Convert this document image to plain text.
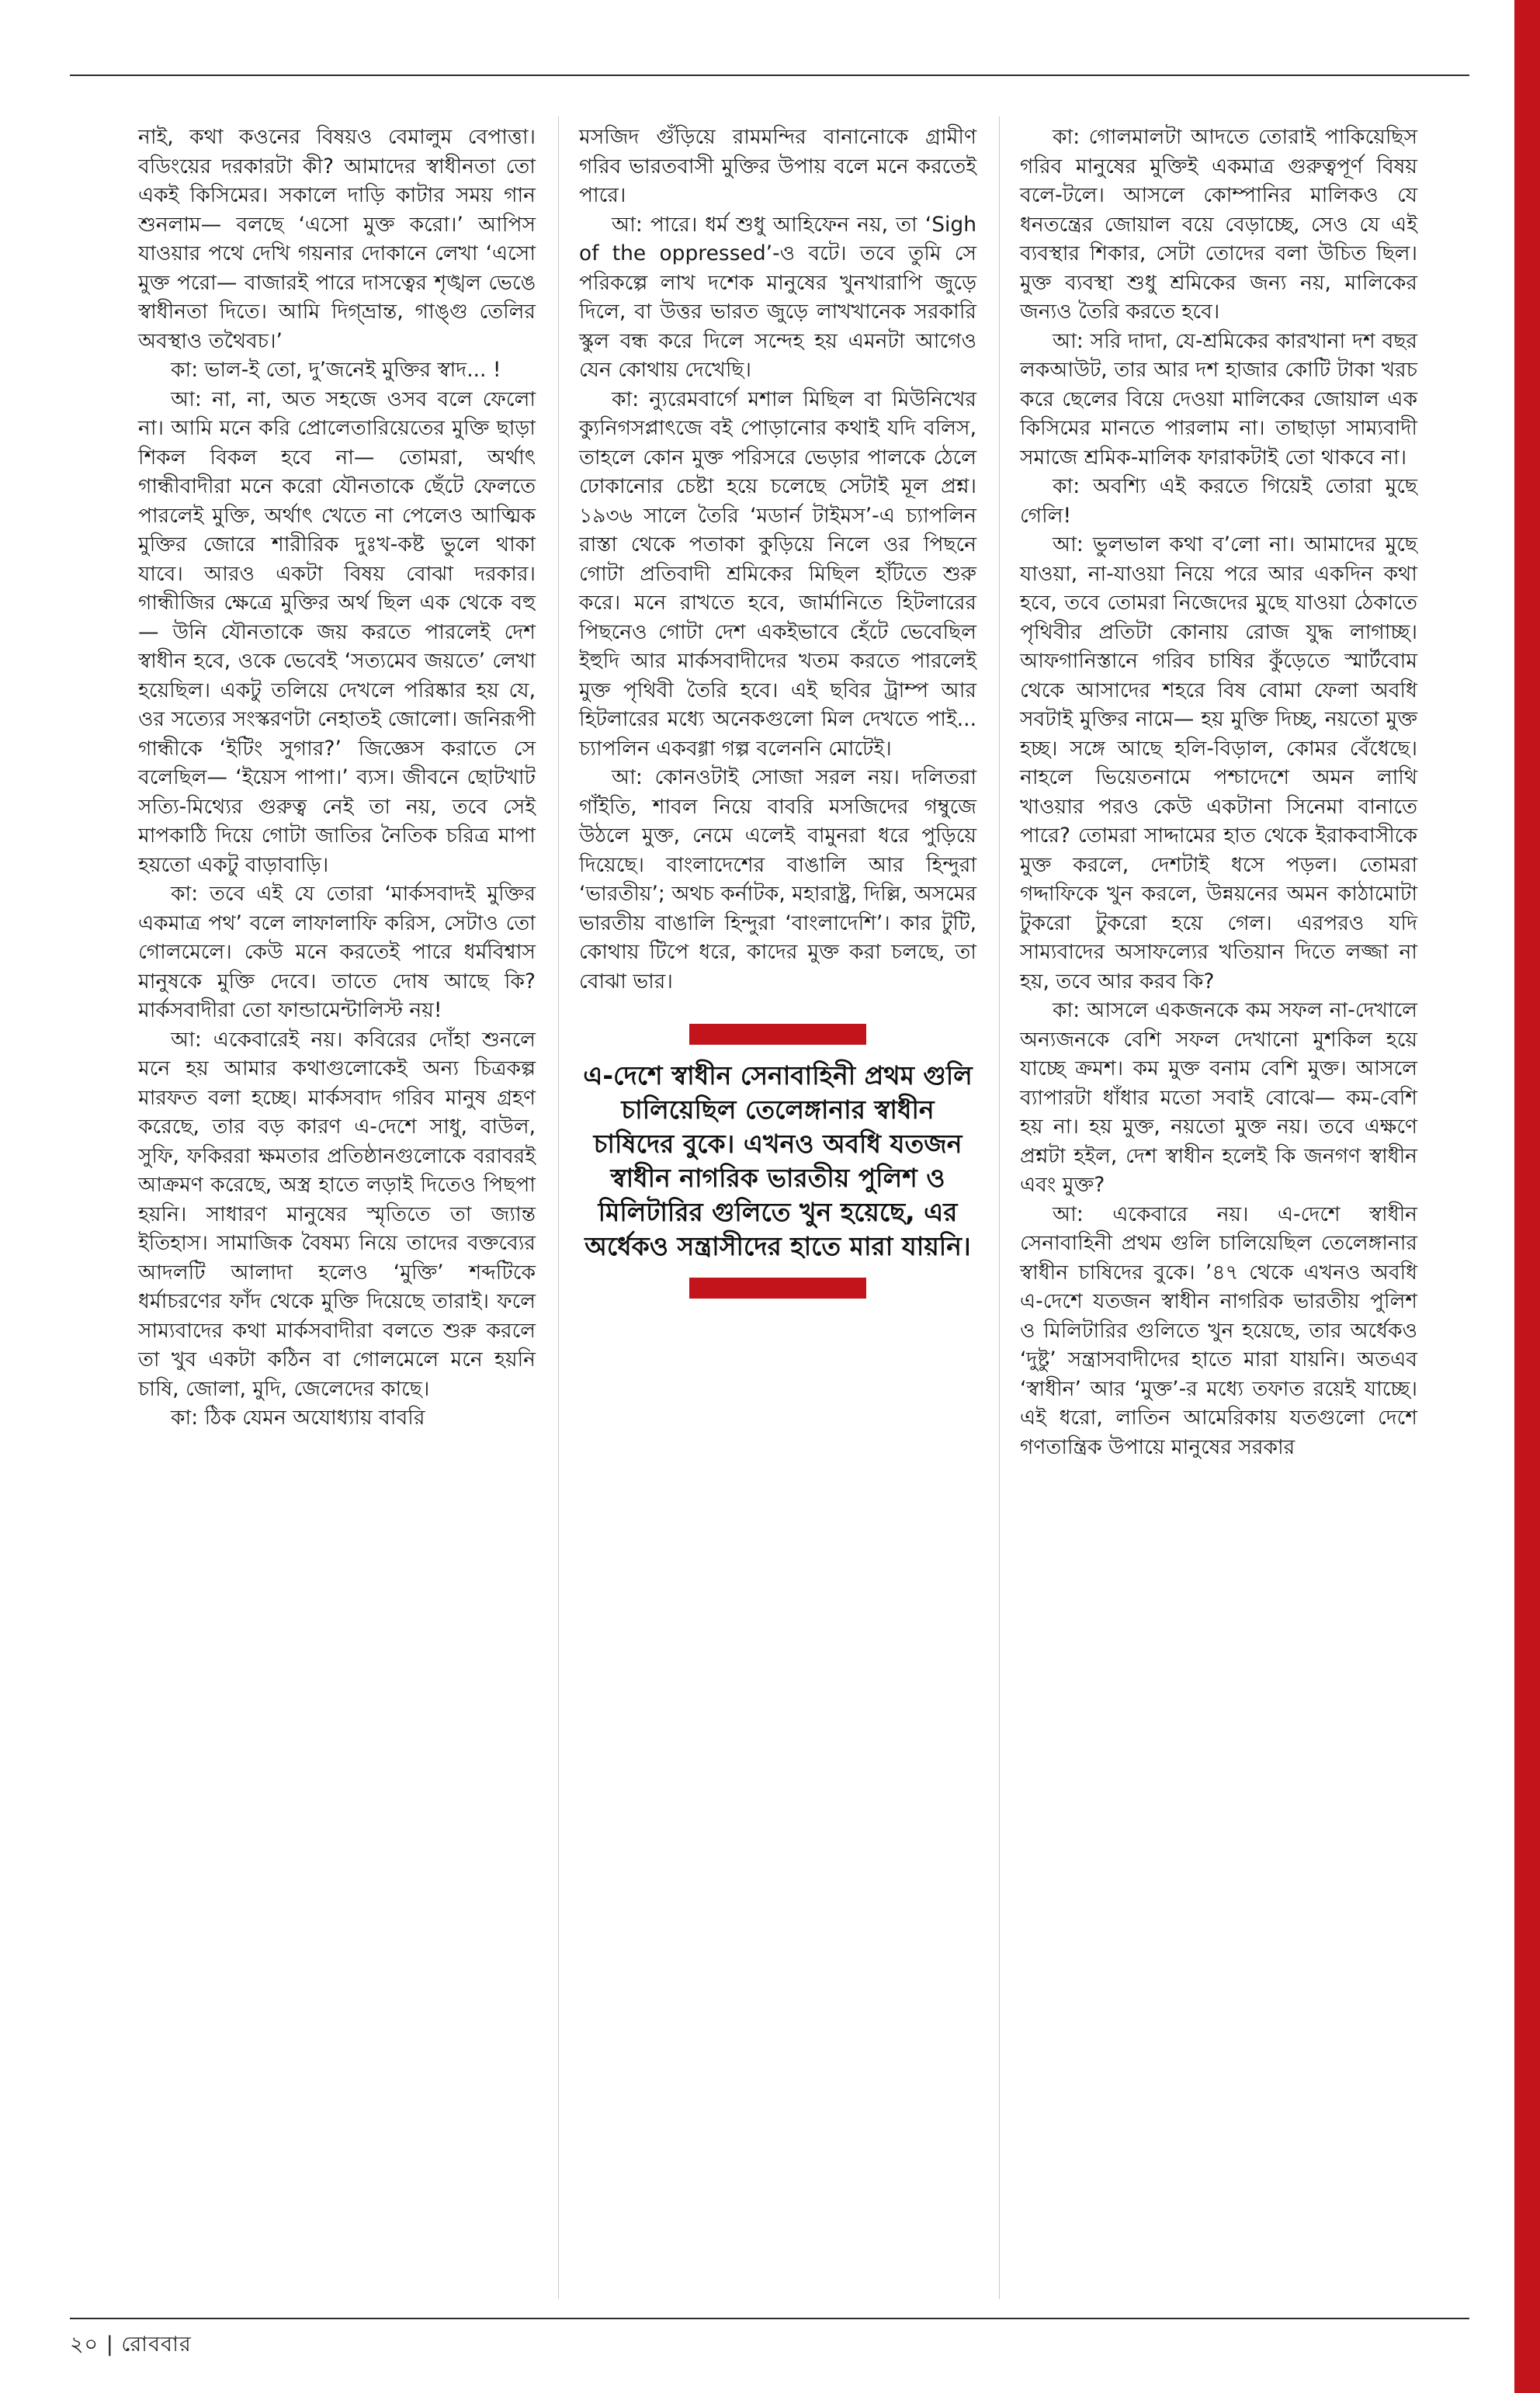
নাই, কথা কওনের বিষয়ও বেমালুম বেপাত্তা। বডিংয়ের দরকারটা কী? আমাদের স্বাধীনতা তো একই কিসিমের। সকালে দাড়ি কাটার সময় গান শুনলাম— বলছে ‘এসো মুক্ত করো।’ আপিস যাওয়ার পথে দেখি গয়নার দোকানে লেখা ‘এসো মুক্ত পরো— বাজারই পারে দাসত্বের শৃঙ্খল ভেঙে স্বাধীনতা দিতে। আমি দিগ্‌ভ্রান্ত, গাঙ্গু তেলির অবস্থাও তথৈবচ।’

কা: ভাল-ই তো, দু’জনেই মুক্তির স্বাদ... !

আ: না, না, অত সহজে ওসব বলে ফেলো না। আমি মনে করি প্রোলেতারিয়েতের মুক্তি ছাড়া শিকল বিকল হবে না— তোমরা, অর্থাৎ গান্ধীবাদীরা মনে করো যৌনতাকে ছেঁটে ফেলতে পারলেই মুক্তি, অর্থাৎ খেতে না পেলেও আত্মিক মুক্তির জোরে শারীরিক দুঃখ-কষ্ট ভুলে থাকা যাবে। আরও একটা বিষয় বোঝা দরকার। গান্ধীজির ক্ষেত্রে মুক্তির অর্থ ছিল এক থেকে বহু— উনি যৌনতাকে জয় করতে পারলেই দেশ স্বাধীন হবে, ওকে ভেবেই ‘সত্যমেব জয়তে’ লেখা হয়েছিল। একটু তলিয়ে দেখলে পরিষ্কার হয় যে, ওর সত্যের সংস্করণটা নেহাতই জোলো। জনিরূপী গান্ধীকে ‘ইটিং সুগার?’ জিজ্ঞেস করাতে সে বলেছিল— ‘ইয়েস পাপা।’ ব্যস। জীবনে ছোটখাট সত্যি-মিথ্যের গুরুত্ব নেই তা নয়, তবে সেই মাপকাঠি দিয়ে গোটা জাতির নৈতিক চরিত্র মাপা হয়তো একটু বাড়াবাড়ি।

কা: তবে এই যে তোরা ‘মার্কসবাদই মুক্তির একমাত্র পথ’ বলে লাফালাফি করিস, সেটাও তো গোলমেলে। কেউ মনে করতেই পারে ধর্মবিশ্বাস মানুষকে মুক্তি দেবে। তাতে দোষ আছে কি? মার্কসবাদীরা তো ফান্ডামেন্টালিস্ট নয়!

আ: একেবারেই নয়। কবিরের দোঁহা শুনলে মনে হয় আমার কথাগুলোকেই অন্য চিত্রকল্প মারফত বলা হচ্ছে। মার্কসবাদ গরিব মানুষ গ্রহণ করেছে, তার বড় কারণ এ-দেশে সাধু, বাউল, সুফি, ফকিররা ক্ষমতার প্রতিষ্ঠানগুলোকে বরাবরই আক্রমণ করেছে, অস্ত্র হাতে লড়াই দিতেও পিছপা হয়নি। সাধারণ মানুষের স্মৃতিতে তা জ্যান্ত ইতিহাস। সামাজিক বৈষম্য নিয়ে তাদের বক্তব্যের আদলটি আলাদা হলেও ‘মুক্তি’ শব্দটিকে ধর্মাচরণের ফাঁদ থেকে মুক্তি দিয়েছে তারাই। ফলে সাম্যবাদের কথা মার্কসবাদীরা বলতে শুরু করলে তা খুব একটা কঠিন বা গোলমেলে মনে হয়নি চাষি, জোলা, মুদি, জেলেদের কাছে।

কা: ঠিক যেমন অযোধ্যায় বাবরি

মসজিদ গুঁড়িয়ে রামমন্দির বানানোকে গ্রামীণ গরিব ভারতবাসী মুক্তির উপায় বলে মনে করতেই পারে।

আ: পারে। ধর্ম শুধু আহিফেন নয়, তা ‘Sigh of the oppressed’-ও বটে। তবে তুমি সে পরিকল্পে লাখ দশেক মানুষের খুনখারাপি জুড়ে দিলে, বা উত্তর ভারত জুড়ে লাখখানেক সরকারি স্কুল বন্ধ করে দিলে সন্দেহ হয় এমনটা আগেও যেন কোথায় দেখেছি।

কা: ন্যুরেমবার্গে মশাল মিছিল বা মিউনিখের ক্যুনিগসপ্লাৎজে বই পোড়ানোর কথাই যদি বলিস, তাহলে কোন মুক্ত পরিসরে ভেড়ার পালকে ঠেলে ঢোকানোর চেষ্টা হয়ে চলেছে সেটাই মূল প্রশ্ন। ১৯৩৬ সালে তৈরি ‘মডার্ন টাইমস’-এ চ্যাপলিন রাস্তা থেকে পতাকা কুড়িয়ে নিলে ওর পিছনে গোটা প্রতিবাদী শ্রমিকের মিছিল হাঁটতে শুরু করে। মনে রাখতে হবে, জার্মানিতে হিটলারের পিছনেও গোটা দেশ একইভাবে হেঁটে ভেবেছিল ইহুদি আর মার্কসবাদীদের খতম করতে পারলেই মুক্ত পৃথিবী তৈরি হবে। এই ছবির ট্রাম্প আর হিটলারের মধ্যে অনেকগুলো মিল দেখতে পাই... চ্যাপলিন একবগ্গা গল্প বলেননি মোটেই।

আ: কোনওটাই সোজা সরল নয়। দলিতরা গাঁইতি, শাবল নিয়ে বাবরি মসজিদের গম্বুজে উঠলে মুক্ত, নেমে এলেই বামুনরা ধরে পুড়িয়ে দিয়েছে। বাংলাদেশের বাঙালি আর হিন্দুরা ‘ভারতীয়’; অথচ কর্নাটক, মহারাষ্ট্র, দিল্লি, অসমের ভারতীয় বাঙালি হিন্দুরা ‘বাংলাদেশি’। কার টুটি, কোথায় টিপে ধরে, কাদের মুক্ত করা চলছে, তা বোঝা ভার।

এ-দেশে স্বাধীন সেনাবাহিনী প্রথম গুলি চালিয়েছিল তেলেঙ্গানার স্বাধীন চাষিদের বুকে। এখনও অবধি যতজন স্বাধীন নাগরিক ভারতীয় পুলিশ ও মিলিটারির গুলিতে খুন হয়েছে, এর অর্ধেকও সন্ত্রাসীদের হাতে মারা যায়নি।

কা: গোলমালটা আদতে তোরাই পাকিয়েছিস গরিব মানুষের মুক্তিই একমাত্র গুরুত্বপূর্ণ বিষয় বলে-টলে। আসলে কোম্পানির মালিকও যে ধনতন্ত্রের জোয়াল বয়ে বেড়াচ্ছে, সেও যে এই ব্যবস্থার শিকার, সেটা তোদের বলা উচিত ছিল। মুক্ত ব্যবস্থা শুধু শ্রমিকের জন্য নয়, মালিকের জন্যও তৈরি করতে হবে।

আ: সরি দাদা, যে-শ্রমিকের কারখানা দশ বছর লকআউট, তার আর দশ হাজার কোটি টাকা খরচ করে ছেলের বিয়ে দেওয়া মালিকের জোয়াল এক কিসিমের মানতে পারলাম না। তাছাড়া সাম্যবাদী সমাজে শ্রমিক-মালিক ফারাকটাই তো থাকবে না।

কা: অবশ্যি এই করতে গিয়েই তোরা মুছে গেলি!

আ: ভুলভাল কথা ব’লো না। আমাদের মুছে যাওয়া, না-যাওয়া নিয়ে পরে আর একদিন কথা হবে, তবে তোমরা নিজেদের মুছে যাওয়া ঠেকাতে পৃথিবীর প্রতিটা কোনায় রোজ যুদ্ধ লাগাচ্ছ। আফগানিস্তানে গরিব চাষির কুঁড়েতে স্মার্টবোম থেকে আসাদের শহরে বিষ বোমা ফেলা অবধি সবটাই মুক্তির নামে— হয় মুক্তি দিচ্ছ, নয়তো মুক্ত হচ্ছ। সঙ্গে আছে হলি-বিড়াল, কোমর বেঁধেছে। নাহলে ভিয়েতনামে পশ্চাদেশে অমন লাথি খাওয়ার পরও কেউ একটানা সিনেমা বানাতে পারে? তোমরা সাদ্দামের হাত থেকে ইরাকবাসীকে মুক্ত করলে, দেশটাই ধসে পড়ল। তোমরা গদ্দাফিকে খুন করলে, উন্নয়নের অমন কাঠামোটা টুকরো টুকরো হয়ে গেল। এরপরও যদি সাম্যবাদের অসাফল্যের খতিয়ান দিতে লজ্জা না হয়, তবে আর করব কি?

কা: আসলে একজনকে কম সফল না-দেখালে অন্যজনকে বেশি সফল দেখানো মুশকিল হয়ে যাচ্ছে ক্রমশ। কম মুক্ত বনাম বেশি মুক্ত। আসলে ব্যাপারটা ধাঁধার মতো সবাই বোঝে— কম-বেশি হয় না। হয় মুক্ত, নয়তো মুক্ত নয়। তবে এক্ষণে প্রশ্নটা হইল, দেশ স্বাধীন হলেই কি জনগণ স্বাধীন এবং মুক্ত?

আ: একেবারে নয়। এ-দেশে স্বাধীন সেনাবাহিনী প্রথম গুলি চালিয়েছিল তেলেঙ্গানার স্বাধীন চাষিদের বুকে। ’৪৭ থেকে এখনও অবধি এ-দেশে যতজন স্বাধীন নাগরিক ভারতীয় পুলিশ ও মিলিটারির গুলিতে খুন হয়েছে, তার অর্ধেকও ‘দুষ্টু’ সন্ত্রাসবাদীদের হাতে মারা যায়নি। অতএব ‘স্বাধীন’ আর ‘মুক্ত’-র মধ্যে তফাত রয়েই যাচ্ছে। এই ধরো, লাতিন আমেরিকায় যতগুলো দেশে গণতান্ত্রিক উপায়ে মানুষের সরকার

২০ | রোববার
